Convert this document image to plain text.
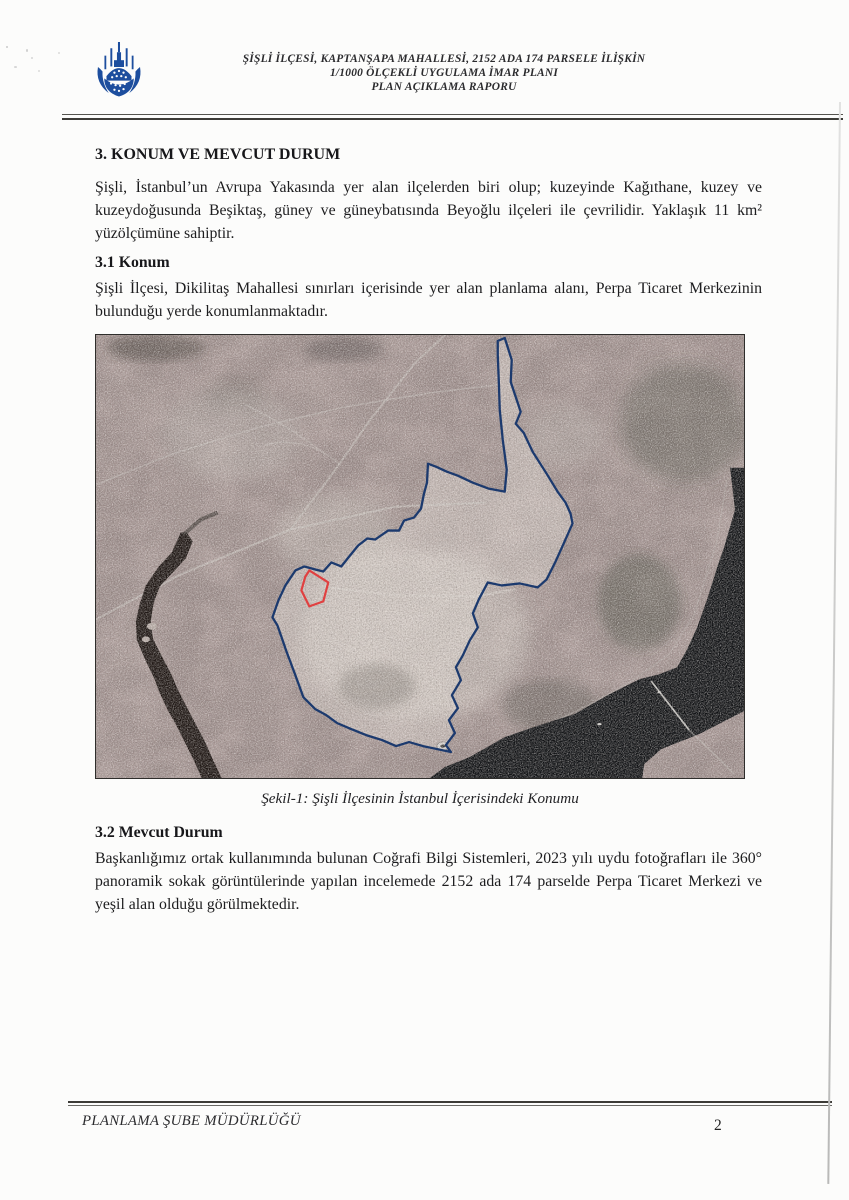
ŞİŞLİ İLÇESİ, KAPTANŞAPA MAHALLESİ, 2152 ADA 174 PARSELE İLİŞKİN
1/1000 ÖLÇEKLİ UYGULAMA İMAR PLANI
PLAN AÇIKLAMA RAPORU
3. KONUM VE MEVCUT DURUM
Şişli, İstanbul’un Avrupa Yakasında yer alan ilçelerden biri olup; kuzeyinde Kağıthane, kuzey ve kuzeydoğusunda Beşiktaş, güney ve güneybatısında Beyoğlu ilçeleri ile çevrilidir. Yaklaşık 11 km² yüzölçümüne sahiptir.
3.1 Konum
Şişli İlçesi, Dikilitaş Mahallesi sınırları içerisinde yer alan planlama alanı, Perpa Ticaret Merkezinin bulunduğu yerde konumlanmaktadır.
Şekil-1: Şişli İlçesinin İstanbul İçerisindeki Konumu
3.2 Mevcut Durum
Başkanlığımız ortak kullanımında bulunan Coğrafi Bilgi Sistemleri, 2023 yılı uydu fotoğrafları ile 360° panoramik sokak görüntülerinde yapılan incelemede 2152 ada 174 parselde Perpa Ticaret Merkezi ve yeşil alan olduğu görülmektedir.
PLANLAMA ŞUBE MÜDÜRLÜĞÜ	2
